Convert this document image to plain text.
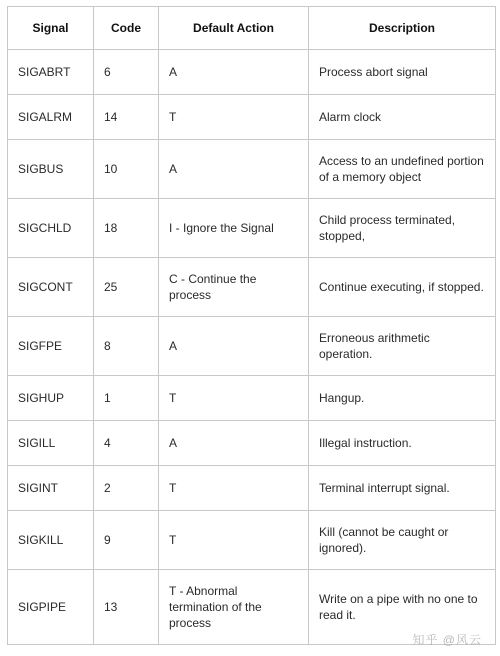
Signal	Code	Default Action	Description
SIGABRT	6	A	Process abort signal
SIGALRM	14	T	Alarm clock
SIGBUS	10	A	Access to an undefined portion of a memory object
SIGCHLD	18	I - Ignore the Signal	Child process terminated, stopped,
SIGCONT	25	C - Continue the process	Continue executing, if stopped.
SIGFPE	8	A	Erroneous arithmetic operation.
SIGHUP	1	T	Hangup.
SIGILL	4	A	Illegal instruction.
SIGINT	2	T	Terminal interrupt signal.
SIGKILL	9	T	Kill (cannot be caught or ignored).
SIGPIPE	13	T - Abnormal termination of the process	Write on a pipe with no one to read it.
知乎 @风云
